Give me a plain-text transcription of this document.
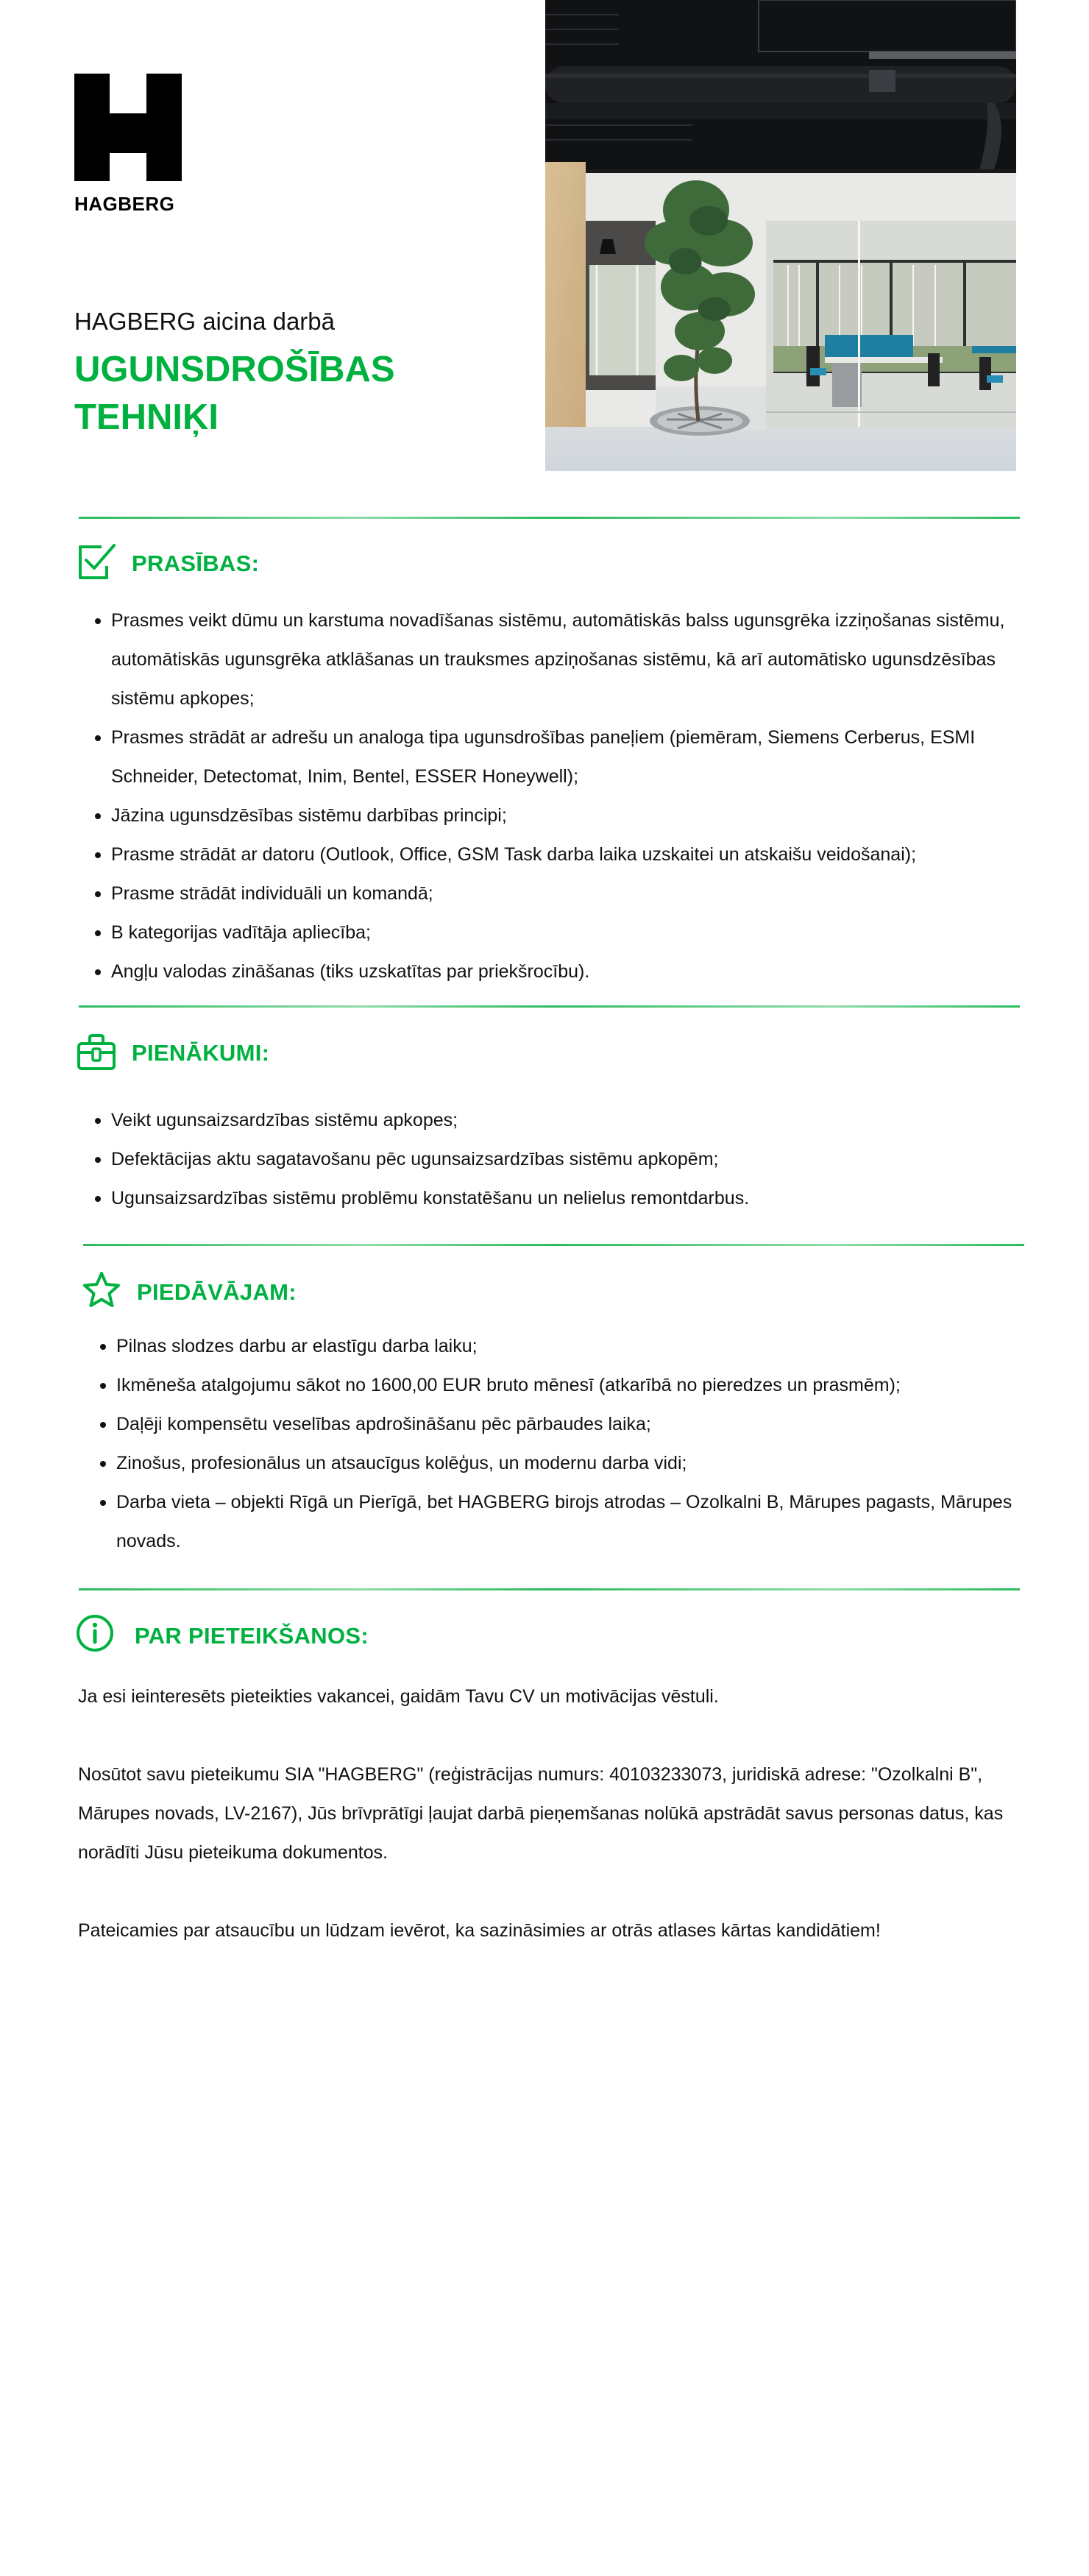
HAGBERG
HAGBERG aicina darbā
UGUNSDROŠĪBAS
TEHNIĶI
PRASĪBAS:
Prasmes veikt dūmu un karstuma novadīšanas sistēmu, automātiskās balss ugunsgrēka izziņošanas sistēmu, automātiskās ugunsgrēka atklāšanas un trauksmes apziņošanas sistēmu, kā arī automātisko ugunsdzēsības sistēmu apkopes;
Prasmes strādāt ar adrešu un analoga tipa ugunsdrošības paneļiem (piemēram, Siemens Cerberus, ESMI Schneider, Detectomat, Inim, Bentel, ESSER Honeywell);
Jāzina ugunsdzēsības sistēmu darbības principi;
Prasme strādāt ar datoru (Outlook, Office, GSM Task darba laika uzskaitei un atskaišu veidošanai);
Prasme strādāt individuāli un komandā;
B kategorijas vadītāja apliecība;
Angļu valodas zināšanas (tiks uzskatītas par priekšrocību).
PIENĀKUMI:
Veikt ugunsaizsardzības sistēmu apkopes;
Defektācijas aktu sagatavošanu pēc ugunsaizsardzības sistēmu apkopēm;
Ugunsaizsardzības sistēmu problēmu konstatēšanu un nelielus remontdarbus.
PIEDĀVĀJAM:
Pilnas slodzes darbu ar elastīgu darba laiku;
Ikmēneša atalgojumu sākot no 1600,00 EUR bruto mēnesī (atkarībā no pieredzes un prasmēm);
Daļēji kompensētu veselības apdrošināšanu pēc pārbaudes laika;
Zinošus, profesionālus un atsaucīgus kolēģus, un modernu darba vidi;
Darba vieta – objekti Rīgā un Pierīgā, bet HAGBERG birojs atrodas – Ozolkalni B, Mārupes pagasts, Mārupes novads.
PAR PIETEIKŠANOS:

Ja esi ieinteresēts pieteikties vakancei, gaidām Tavu CV un motivācijas vēstuli.

Nosūtot savu pieteikumu SIA "HAGBERG" (reģistrācijas numurs: 40103233073, juridiskā adrese: "Ozolkalni B", Mārupes novads, LV-2167), Jūs brīvprātīgi ļaujat darbā pieņemšanas nolūkā apstrādāt savus personas datus, kas norādīti Jūsu pieteikuma dokumentos.

Pateicamies par atsaucību un lūdzam ievērot, ka sazināsimies ar otrās atlases kārtas kandidātiem!
